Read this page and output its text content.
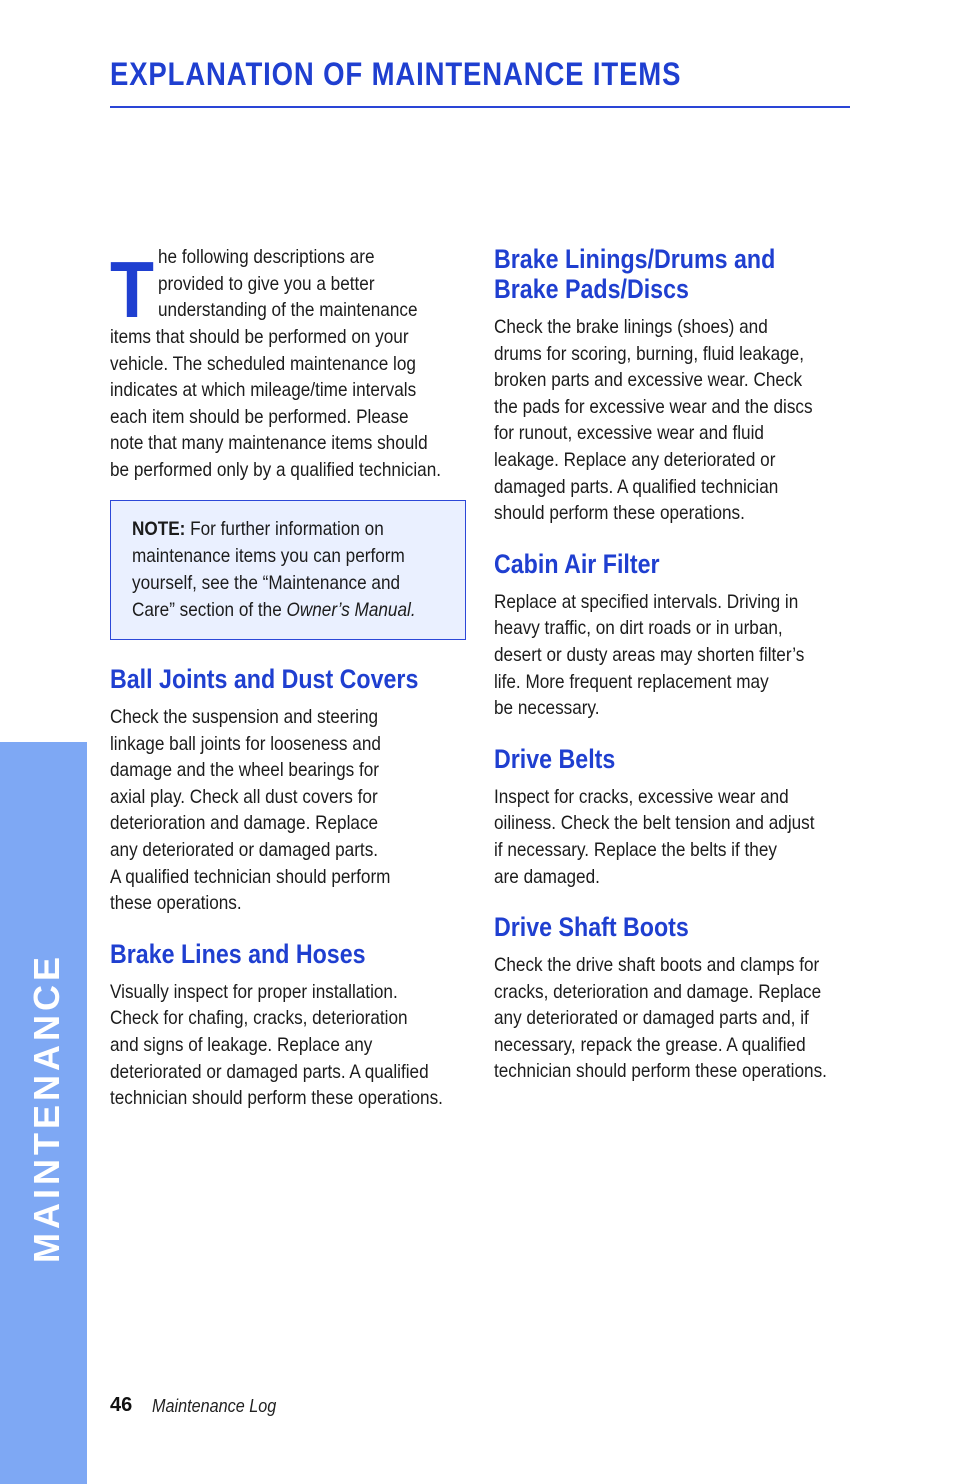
EXPLANATION OF MAINTENANCE ITEMS
MAINTENANCE
T he following descriptions are
provided to give you a better
understanding of the maintenance
items that should be performed on your
vehicle. The scheduled maintenance log
indicates at which mileage/time intervals
each item should be performed. Please
note that many maintenance items should
be performed only by a qualified technician.
NOTE: For further information on maintenance items you can perform yourself, see the “Maintenance and Care” section of the Owner’s Manual.
Ball Joints and Dust Covers
Check the suspension and steering
linkage ball joints for looseness and
damage and the wheel bearings for
axial play. Check all dust covers for
deterioration and damage. Replace
any deteriorated or damaged parts.
A qualified technician should perform
these operations.
Brake Lines and Hoses
Visually inspect for proper installation.
Check for chafing, cracks, deterioration
and signs of leakage. Replace any
deteriorated or damaged parts. A qualified
technician should perform these operations.
Brake Linings/Drums and
Brake Pads/Discs
Check the brake linings (shoes) and
drums for scoring, burning, fluid leakage,
broken parts and excessive wear. Check
the pads for excessive wear and the discs
for runout, excessive wear and fluid
leakage. Replace any deteriorated or
damaged parts. A qualified technician
should perform these operations.
Cabin Air Filter
Replace at specified intervals. Driving in
heavy traffic, on dirt roads or in urban,
desert or dusty areas may shorten filter’s
life. More frequent replacement may
be necessary.
Drive Belts
Inspect for cracks, excessive wear and
oiliness. Check the belt tension and adjust
if necessary. Replace the belts if they
are damaged.
Drive Shaft Boots
Check the drive shaft boots and clamps for
cracks, deterioration and damage. Replace
any deteriorated or damaged parts and, if
necessary, repack the grease. A qualified
technician should perform these operations.
46 Maintenance Log
